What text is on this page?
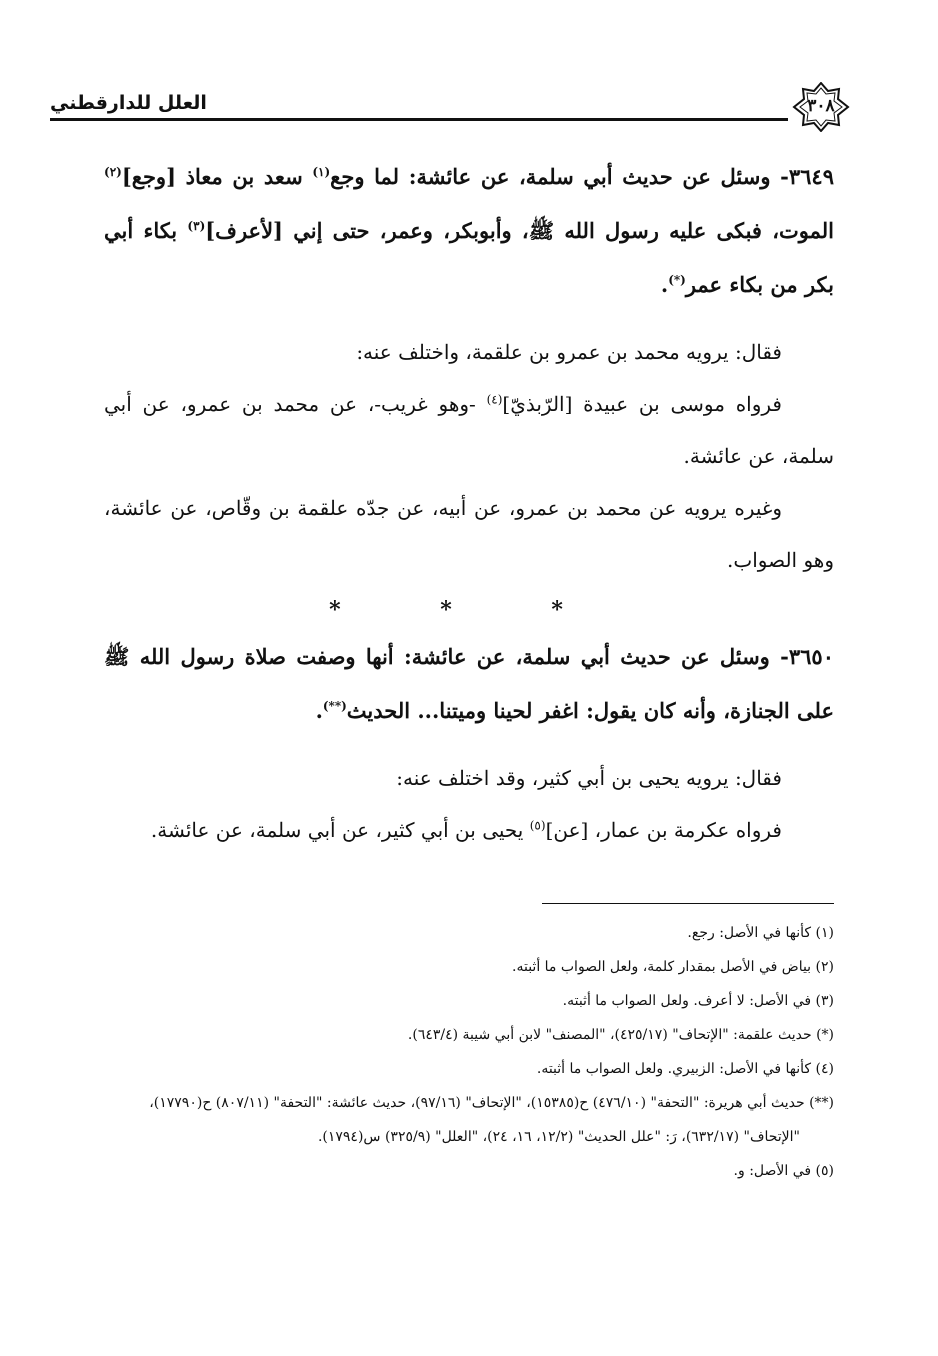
٣٠٨
العلل للدارقطني

٣٦٤٩- وسئل عن حديث أبي سلمة، عن عائشة: لما وجع$^{(١)}$ سعد بن معاذ [وجع]$^{(٢)}$ الموت، فبكى عليه رسول الله ﷺ، وأبوبكر، وعمر، حتى إني [لأعرف]$^{(٣)}$ بكاء أبي بكر من بكاء عمر(*).

فقال: يرويه محمد بن عمرو بن علقمة، واختلف عنه:

فرواه موسى بن عبيدة [الرّبذيّ]$^{(٤)}$ -وهو غريب-، عن محمد بن عمرو، عن أبي سلمة، عن عائشة.

وغيره يرويه عن محمد بن عمرو، عن أبيه، عن جدّه علقمة بن وقّاص، عن عائشة، وهو الصواب.

* * *

٣٦٥٠- وسئل عن حديث أبي سلمة، عن عائشة: أنها وصفت صلاة رسول الله ﷺ على الجنازة، وأنه كان يقول: اغفر لحينا وميتنا... الحديث(**).

فقال: يرويه يحيى بن أبي كثير، وقد اختلف عنه:

فرواه عكرمة بن عمار، [عن]$^{(٥)}$ يحيى بن أبي كثير، عن أبي سلمة، عن عائشة.

(١) كأنها في الأصل: رجع.

(٢) بياض في الأصل بمقدار كلمة، ولعل الصواب ما أثبته.

(٣) في الأصل: لا أعرف. ولعل الصواب ما أثبته.

(*) حديث علقمة: "الإتحاف" (٤٢٥/١٧)، "المصنف" لابن أبي شيبة (٦٤٣/٤).

(٤) كأنها في الأصل: الزبيري. ولعل الصواب ما أثبته.

(**) حديث أبي هريرة: "التحفة" (٤٧٦/١٠) ح(١٥٣٨٥)، "الإتحاف" (٩٧/١٦)، حديث عائشة: "التحفة" (٨٠٧/١١) ح(١٧٧٩٠)، "الإتحاف" (٦٣٢/١٧)، رَ: "علل الحديث" (١٢/٢، ١٦، ٢٤)، "العلل" (٣٢٥/٩) س(١٧٩٤).

(٥) في الأصل: و.
